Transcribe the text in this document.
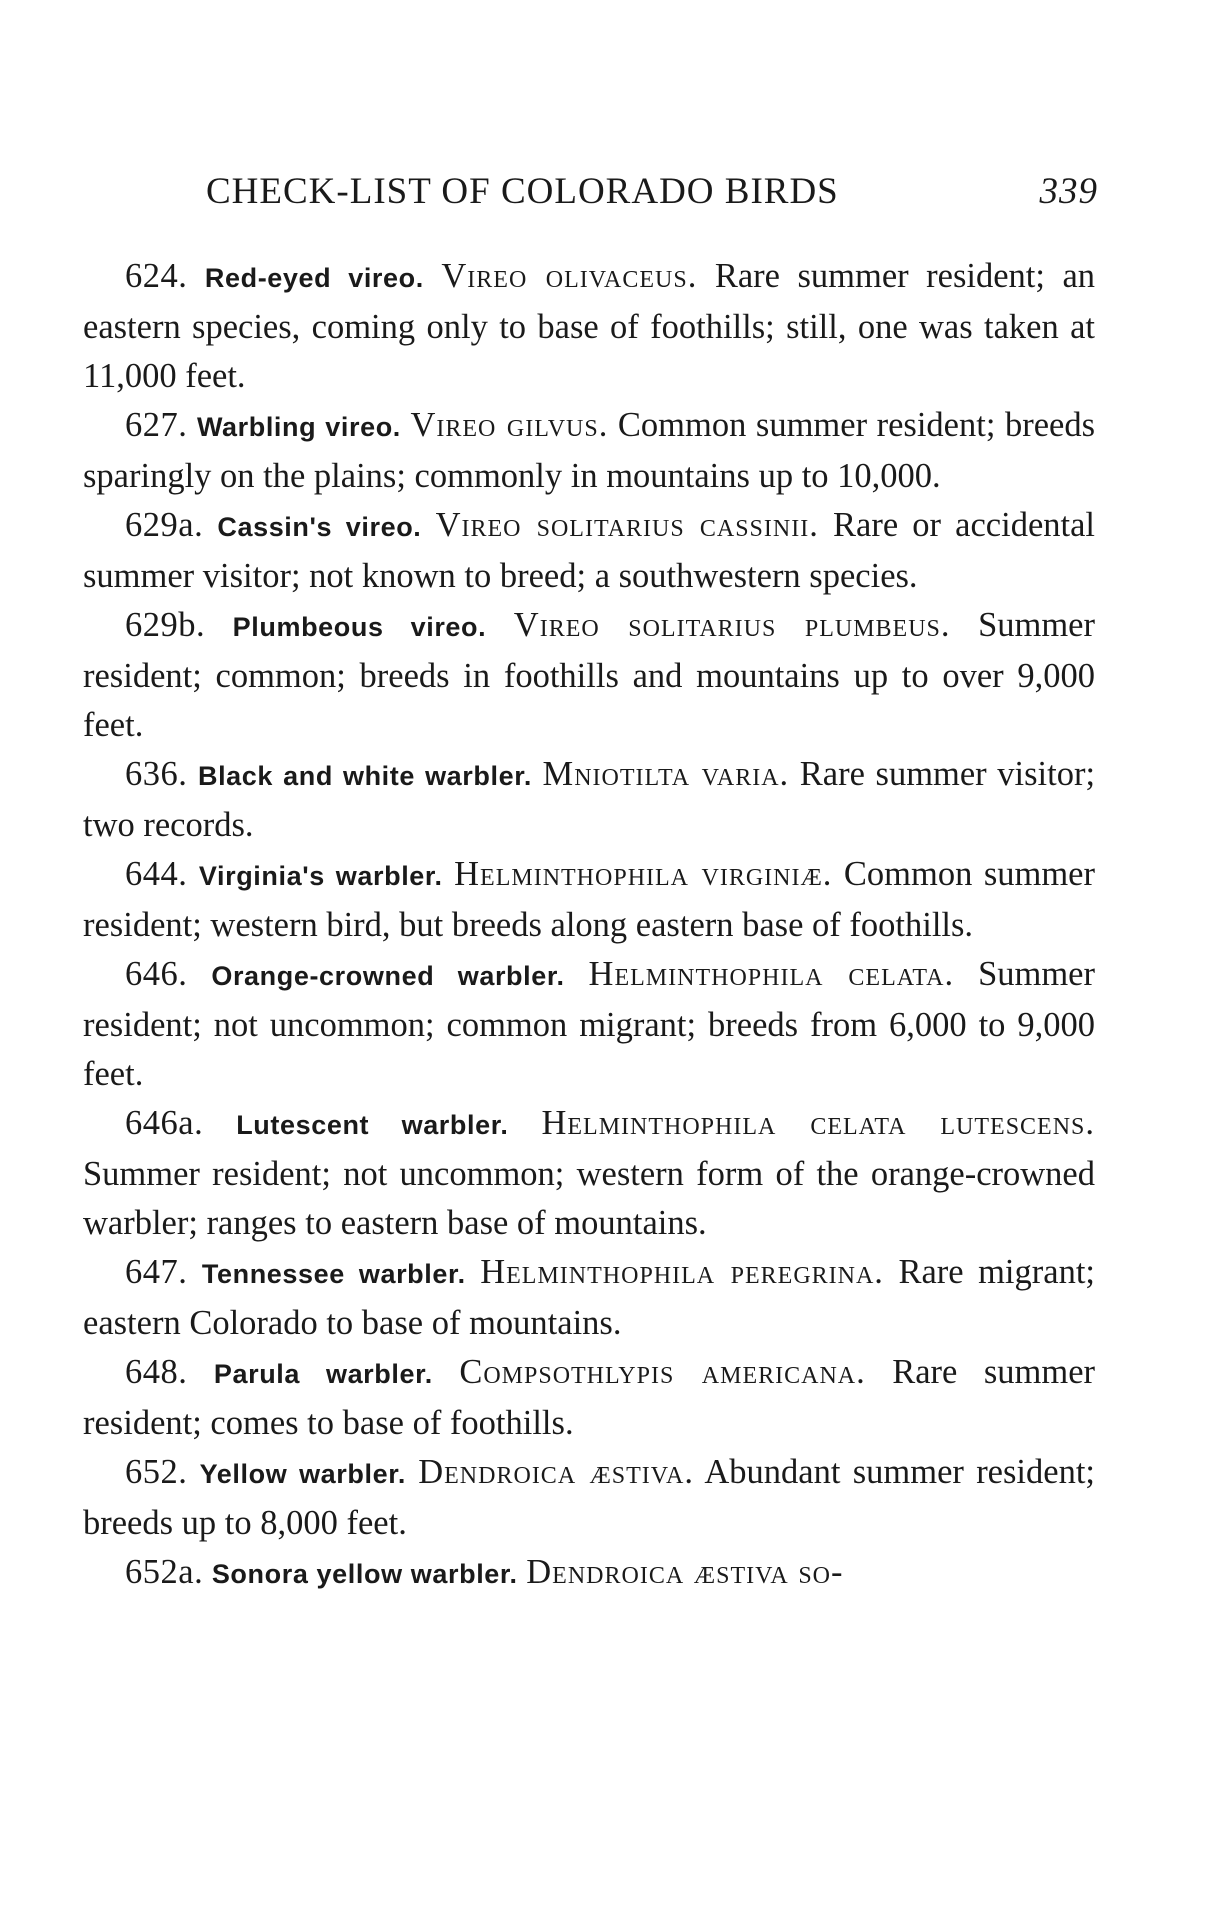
CHECK-LIST OF COLORADO BIRDS	339

624. Red-eyed vireo. Vireo olivaceus. Rare summer resident; an eastern species, coming only to base of foothills; still, one was taken at 11,000 feet.

627. Warbling vireo. Vireo gilvus. Common summer resident; breeds sparingly on the plains; commonly in mountains up to 10,000.

629a. Cassin's vireo. Vireo solitarius cassinii. Rare or accidental summer visitor; not known to breed; a southwestern species.

629b. Plumbeous vireo. Vireo solitarius plumbeus. Summer resident; common; breeds in foothills and mountains up to over 9,000 feet.

636. Black and white warbler. Mniotilta varia. Rare summer visitor; two records.

644. Virginia's warbler. Helminthophila virginiæ. Common summer resident; western bird, but breeds along eastern base of foothills.

646. Orange-crowned warbler. Helminthophila celata. Summer resident; not uncommon; common migrant; breeds from 6,000 to 9,000 feet.

646a. Lutescent warbler. Helminthophila celata lutescens. Summer resident; not uncommon; western form of the orange-crowned warbler; ranges to eastern base of mountains.

647. Tennessee warbler. Helminthophila peregrina. Rare migrant; eastern Colorado to base of mountains.

648. Parula warbler. Compsothlypis americana. Rare summer resident; comes to base of foothills.

652. Yellow warbler. Dendroica æstiva. Abundant summer resident; breeds up to 8,000 feet.

652a. Sonora yellow warbler. Dendroica æstiva so-
